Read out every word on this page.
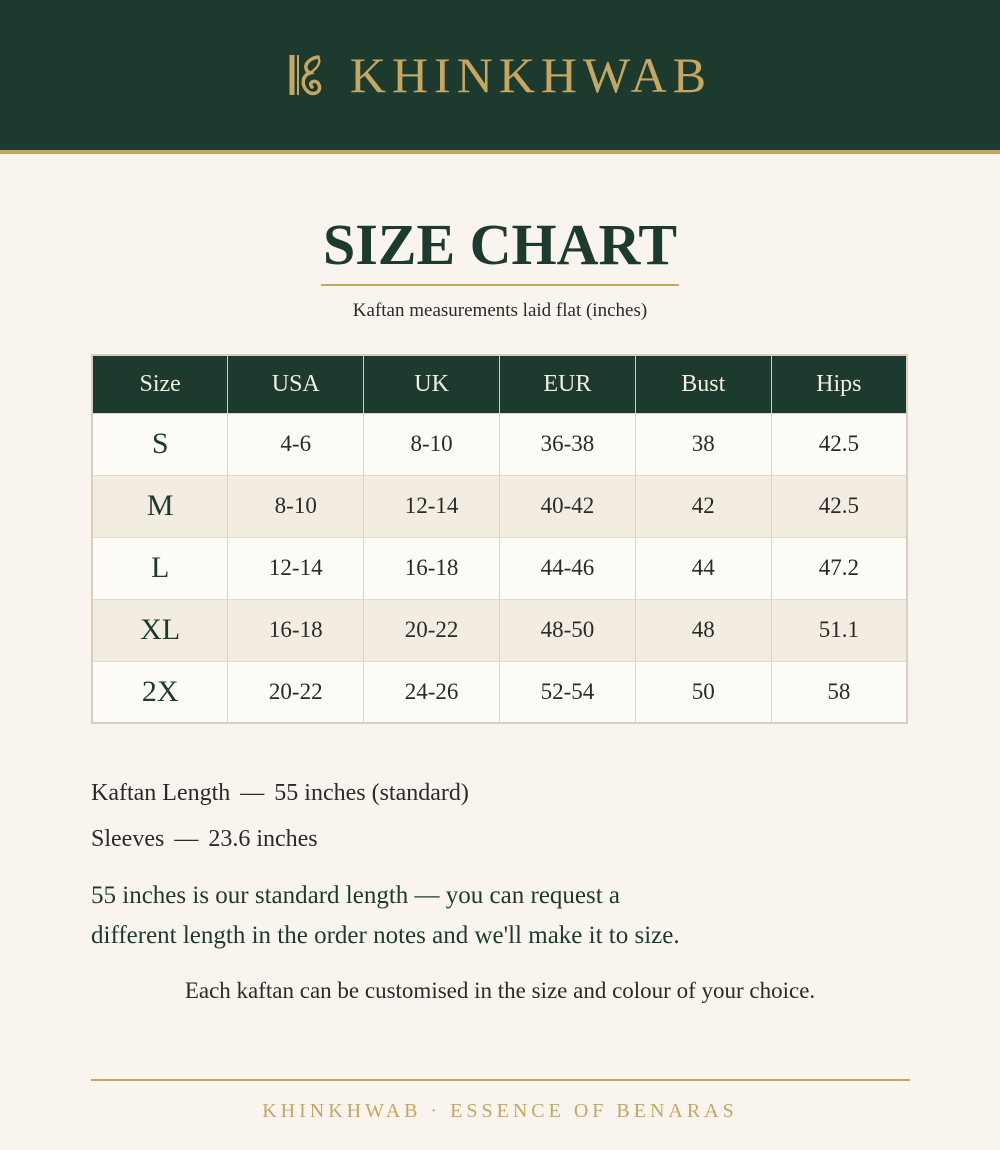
KHINKHWAB
SIZE CHART
Kaftan measurements laid flat (inches)
Size	USA	UK	EUR	Bust	Hips
S	4-6	8-10	36-38	38	42.5
M	8-10	12-14	40-42	42	42.5
L	12-14	16-18	44-46	44	47.2
XL	16-18	20-22	48-50	48	51.1
2X	20-22	24-26	52-54	50	58
Kaftan Length — 55 inches (standard)
Sleeves — 23.6 inches
55 inches is our standard length — you can request a
different length in the order notes and we'll make it to size.
Each kaftan can be customised in the size and colour of your choice.
KHINKHWAB · ESSENCE OF BENARAS
